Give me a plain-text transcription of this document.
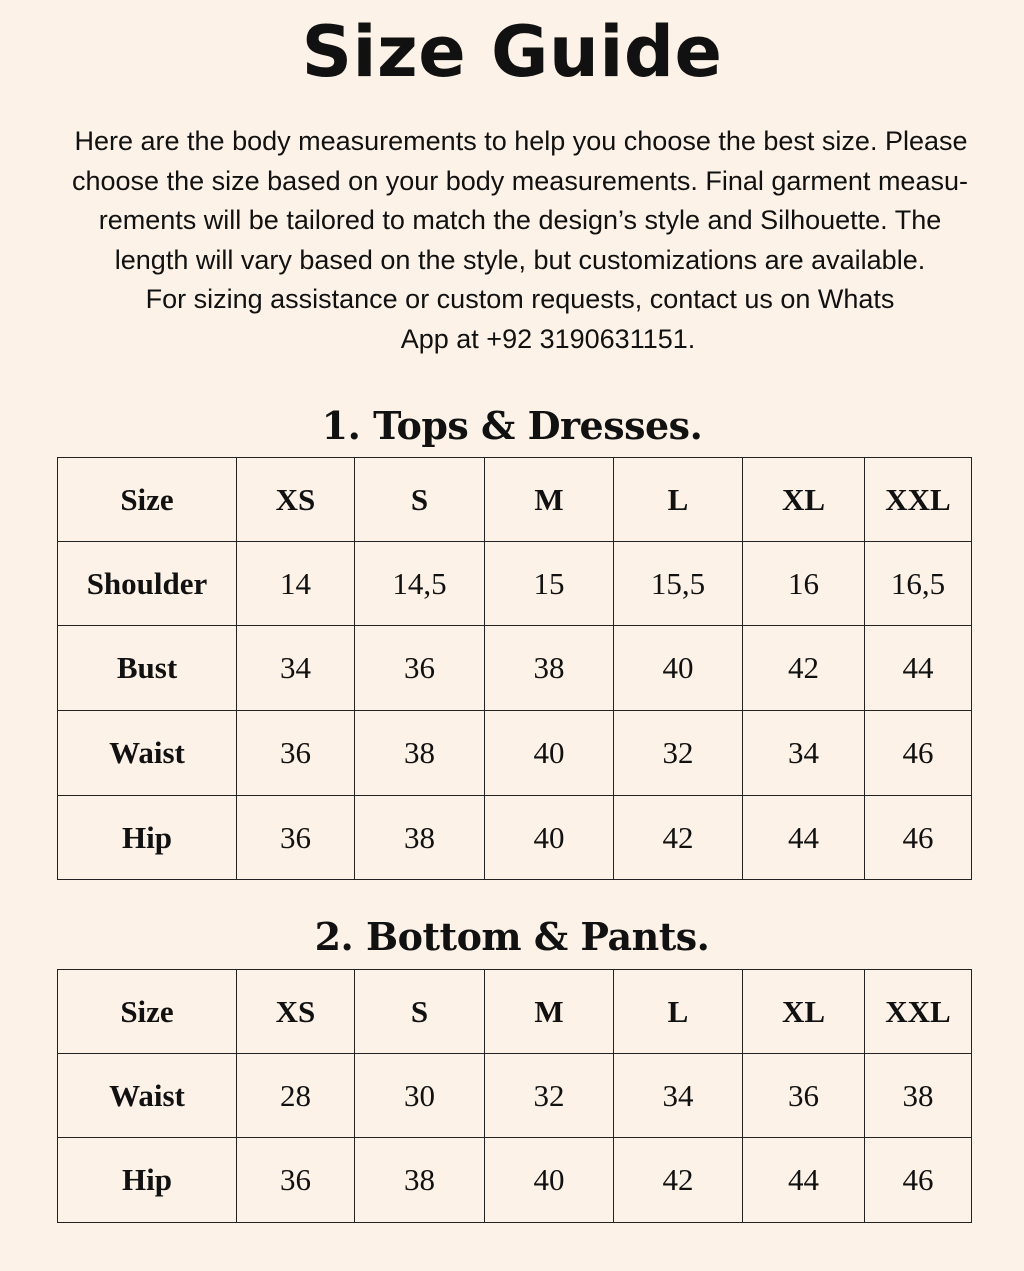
Size Guide

Here are the body measurements to help you choose the best size. Please
choose the size based on your body measurements. Final garment measu-
rements will be tailored to match the design’s style and Silhouette. The
length will vary based on the style, but customizations are available.
For sizing assistance or custom requests, contact us on Whats
App at +92 3190631151.

1. Tops & Dresses.
Size	XS	S	M	L	XL	XXL
Shoulder	14	14,5	15	15,5	16	16,5
Bust	34	36	38	40	42	44
Waist	36	38	40	32	34	46
Hip	36	38	40	42	44	46
2. Bottom & Pants.
Size	XS	S	M	L	XL	XXL
Waist	28	30	32	34	36	38
Hip	36	38	40	42	44	46
